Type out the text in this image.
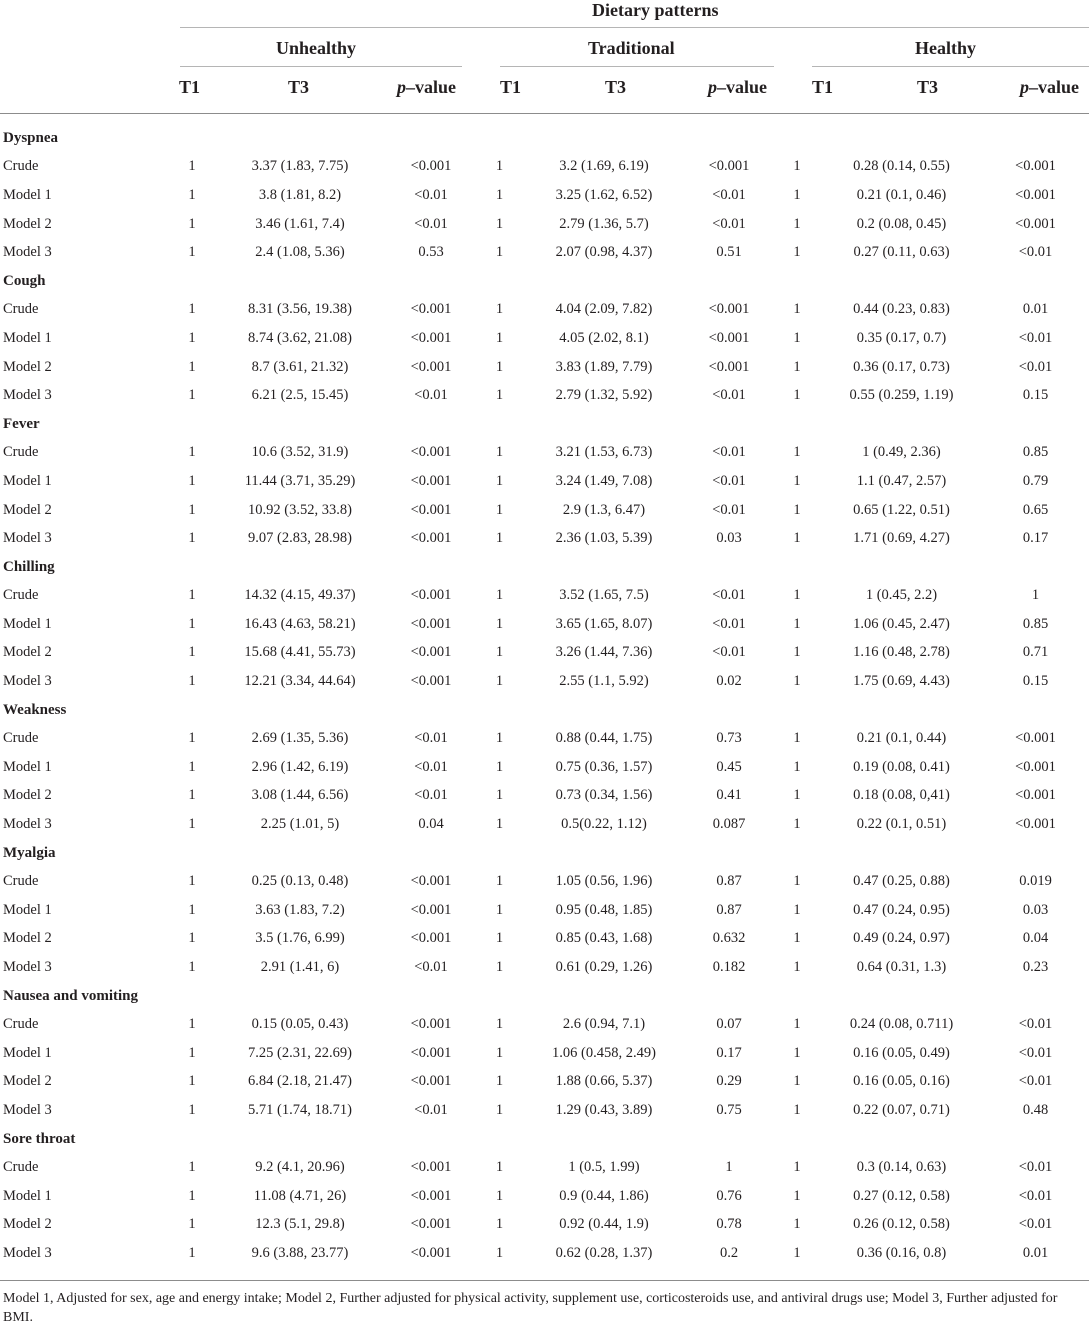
Dietary patterns
Unhealthy	Traditional	Healthy
T1	T3	p–value T1	T3	p–value T1	T3	p–value
Dyspnea									
Crude	1	3.37 (1.83, 7.75)	<0.001	1	3.2 (1.69, 6.19)	<0.001	1	0.28 (0.14, 0.55)	<0.001
Model 1	1	3.8 (1.81, 8.2)	<0.01	1	3.25 (1.62, 6.52)	<0.01	1	0.21 (0.1, 0.46)	<0.001
Model 2	1	3.46 (1.61, 7.4)	<0.01	1	2.79 (1.36, 5.7)	<0.01	1	0.2 (0.08, 0.45)	<0.001
Model 3	1	2.4 (1.08, 5.36)	0.53	1	2.07 (0.98, 4.37)	0.51	1	0.27 (0.11, 0.63)	<0.01
Cough									
Crude	1	8.31 (3.56, 19.38)	<0.001	1	4.04 (2.09, 7.82)	<0.001	1	0.44 (0.23, 0.83)	0.01
Model 1	1	8.74 (3.62, 21.08)	<0.001	1	4.05 (2.02, 8.1)	<0.001	1	0.35 (0.17, 0.7)	<0.01
Model 2	1	8.7 (3.61, 21.32)	<0.001	1	3.83 (1.89, 7.79)	<0.001	1	0.36 (0.17, 0.73)	<0.01
Model 3	1	6.21 (2.5, 15.45)	<0.01	1	2.79 (1.32, 5.92)	<0.01	1	0.55 (0.259, 1.19)	0.15
Fever									
Crude	1	10.6 (3.52, 31.9)	<0.001	1	3.21 (1.53, 6.73)	<0.01	1	1 (0.49, 2.36)	0.85
Model 1	1	11.44 (3.71, 35.29)	<0.001	1	3.24 (1.49, 7.08)	<0.01	1	1.1 (0.47, 2.57)	0.79
Model 2	1	10.92 (3.52, 33.8)	<0.001	1	2.9 (1.3, 6.47)	<0.01	1	0.65 (1.22, 0.51)	0.65
Model 3	1	9.07 (2.83, 28.98)	<0.001	1	2.36 (1.03, 5.39)	0.03	1	1.71 (0.69, 4.27)	0.17
Chilling									
Crude	1	14.32 (4.15, 49.37)	<0.001	1	3.52 (1.65, 7.5)	<0.01	1	1 (0.45, 2.2)	1
Model 1	1	16.43 (4.63, 58.21)	<0.001	1	3.65 (1.65, 8.07)	<0.01	1	1.06 (0.45, 2.47)	0.85
Model 2	1	15.68 (4.41, 55.73)	<0.001	1	3.26 (1.44, 7.36)	<0.01	1	1.16 (0.48, 2.78)	0.71
Model 3	1	12.21 (3.34, 44.64)	<0.001	1	2.55 (1.1, 5.92)	0.02	1	1.75 (0.69, 4.43)	0.15
Weakness									
Crude	1	2.69 (1.35, 5.36)	<0.01	1	0.88 (0.44, 1.75)	0.73	1	0.21 (0.1, 0.44)	<0.001
Model 1	1	2.96 (1.42, 6.19)	<0.01	1	0.75 (0.36, 1.57)	0.45	1	0.19 (0.08, 0.41)	<0.001
Model 2	1	3.08 (1.44, 6.56)	<0.01	1	0.73 (0.34, 1.56)	0.41	1	0.18 (0.08, 0,41)	<0.001
Model 3	1	2.25 (1.01, 5)	0.04	1	0.5(0.22, 1.12)	0.087	1	0.22 (0.1, 0.51)	<0.001
Myalgia									
Crude	1	0.25 (0.13, 0.48)	<0.001	1	1.05 (0.56, 1.96)	0.87	1	0.47 (0.25, 0.88)	0.019
Model 1	1	3.63 (1.83, 7.2)	<0.001	1	0.95 (0.48, 1.85)	0.87	1	0.47 (0.24, 0.95)	0.03
Model 2	1	3.5 (1.76, 6.99)	<0.001	1	0.85 (0.43, 1.68)	0.632	1	0.49 (0.24, 0.97)	0.04
Model 3	1	2.91 (1.41, 6)	<0.01	1	0.61 (0.29, 1.26)	0.182	1	0.64 (0.31, 1.3)	0.23
Nausea and vomiting									
Crude	1	0.15 (0.05, 0.43)	<0.001	1	2.6 (0.94, 7.1)	0.07	1	0.24 (0.08, 0.711)	<0.01
Model 1	1	7.25 (2.31, 22.69)	<0.001	1	1.06 (0.458, 2.49)	0.17	1	0.16 (0.05, 0.49)	<0.01
Model 2	1	6.84 (2.18, 21.47)	<0.001	1	1.88 (0.66, 5.37)	0.29	1	0.16 (0.05, 0.16)	<0.01
Model 3	1	5.71 (1.74, 18.71)	<0.01	1	1.29 (0.43, 3.89)	0.75	1	0.22 (0.07, 0.71)	0.48
Sore throat									
Crude	1	9.2 (4.1, 20.96)	<0.001	1	1 (0.5, 1.99)	1	1	0.3 (0.14, 0.63)	<0.01
Model 1	1	11.08 (4.71, 26)	<0.001	1	0.9 (0.44, 1.86)	0.76	1	0.27 (0.12, 0.58)	<0.01
Model 2	1	12.3 (5.1, 29.8)	<0.001	1	0.92 (0.44, 1.9)	0.78	1	0.26 (0.12, 0.58)	<0.01
Model 3	1	9.6 (3.88, 23.77)	<0.001	1	0.62 (0.28, 1.37)	0.2	1	0.36 (0.16, 0.8)	0.01
Model 1, Adjusted for sex, age and energy intake; Model 2, Further adjusted for physical activity, supplement use, corticosteroids use, and antiviral drugs use; Model 3, Further adjusted for BMI.
